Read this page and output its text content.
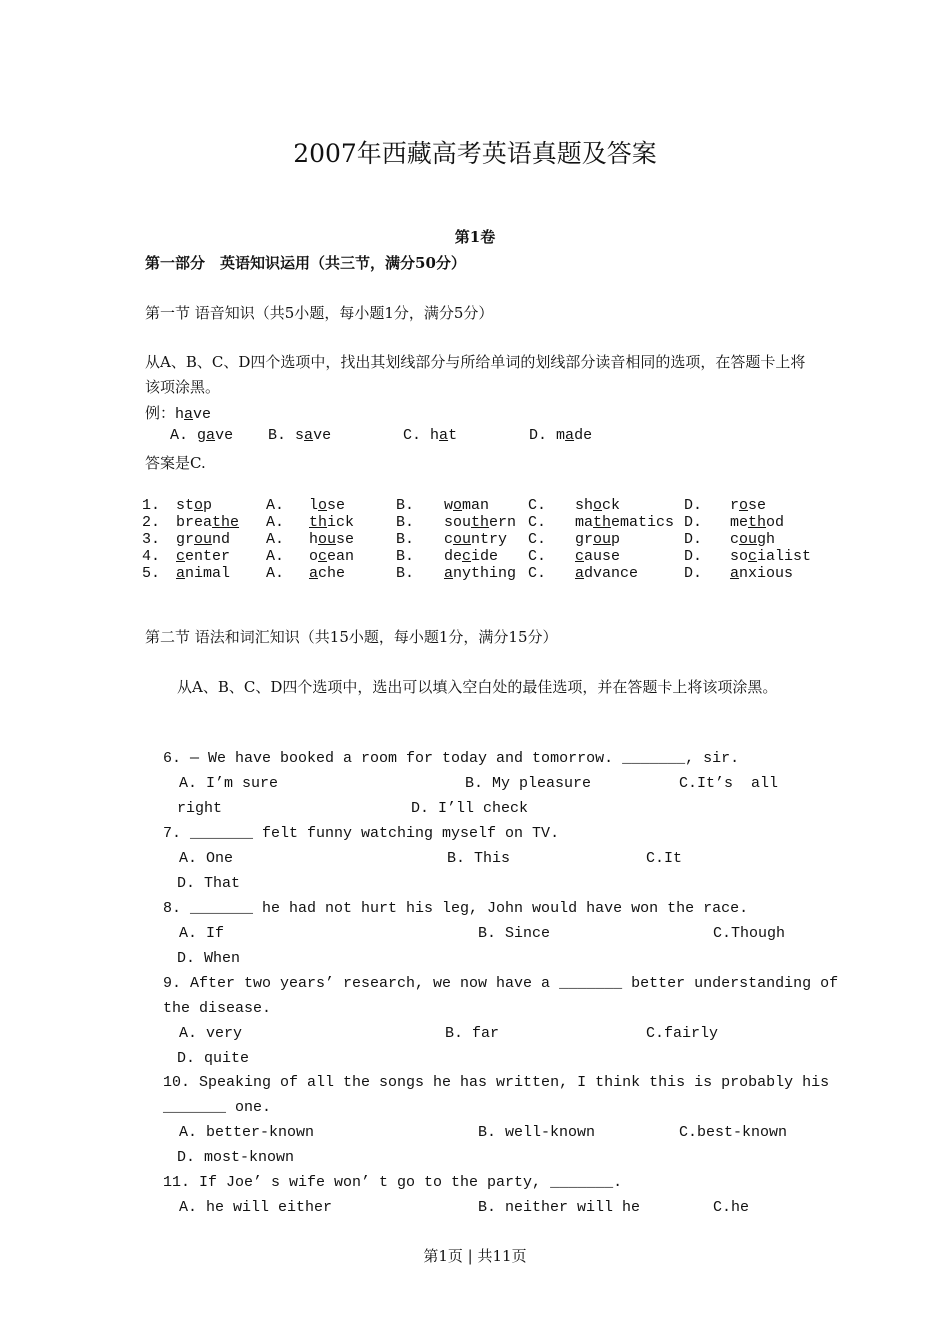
2007年西藏高考英语真题及答案
第1卷
第一部分　英语知识运用（共三节，满分50分）
第一节 语音知识（共5小题，每小题1分，满分5分）
从A、B、C、D四个选项中，找出其划线部分与所给单词的划线部分读音相同的选项，在答题卡上将该项涂黑。
例：have
A. gave B. save	C. hat	D. made
答案是C.
1.	stop	A.	lose	B.	woman	C.	shock	D.	rose
2.	breathe	A.	thick	B.	southern	C.	mathematics	D.	method
3.	ground	A.	house	B.	country	C.	group	D.	cough
4.	center	A.	ocean	B.	decide	C.	cause	D.	socialist
5.	animal	A.	ache	B.	anything	C.	advance	D.	anxious
第二节 语法和词汇知识（共15小题，每小题1分，满分15分）
从A、B、C、D四个选项中，选出可以填入空白处的最佳选项，并在答题卡上将该项涂黑。
6. — We have booked a room for today and tomorrow. _______, sir.
A. I’m sure	B. My pleasure	C.It’s  all
right	D. I’ll check
7. _______ felt funny watching myself on TV.
A. One	B. This	C.It
D. That
8. _______ he had not hurt his leg, John would have won the race.
A. If	B. Since	C.Though
D. When
9. After two years’ research, we now have a _______ better understanding of
the disease.
A. very	B. far	C.fairly
D. quite
10. Speaking of all the songs he has written, I think this is probably his
_______ one.
A. better-known	B. well-known	C.best-known
D. most-known
11. If Joe’ s wife won’ t go to the party, _______.
A. he will either	B. neither will he	C.he
第1页 | 共11页
